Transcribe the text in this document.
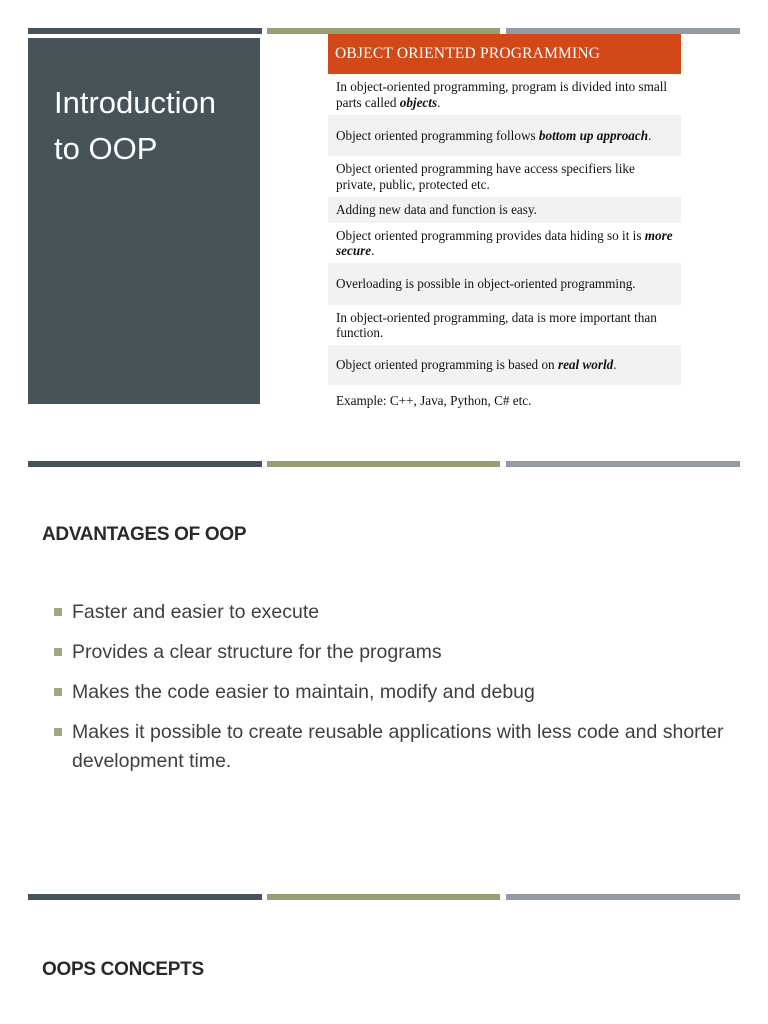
Introduction
to OOP
OBJECT ORIENTED PROGRAMMING
In object-oriented programming, program is divided into small parts called objects.
Object oriented programming follows bottom up approach.
Object oriented programming have access specifiers like private, public, protected etc.
Adding new data and function is easy.
Object oriented programming provides data hiding so it is more secure.
Overloading is possible in object-oriented programming.
In object-oriented programming, data is more important than function.
Object oriented programming is based on real world.
Example: C++, Java, Python, C# etc.
ADVANTAGES OF OOP
Faster and easier to execute
Provides a clear structure for the programs
Makes the code easier to maintain, modify and debug
Makes it possible to create reusable applications with less code and shorter development time.
OOPS CONCEPTS
